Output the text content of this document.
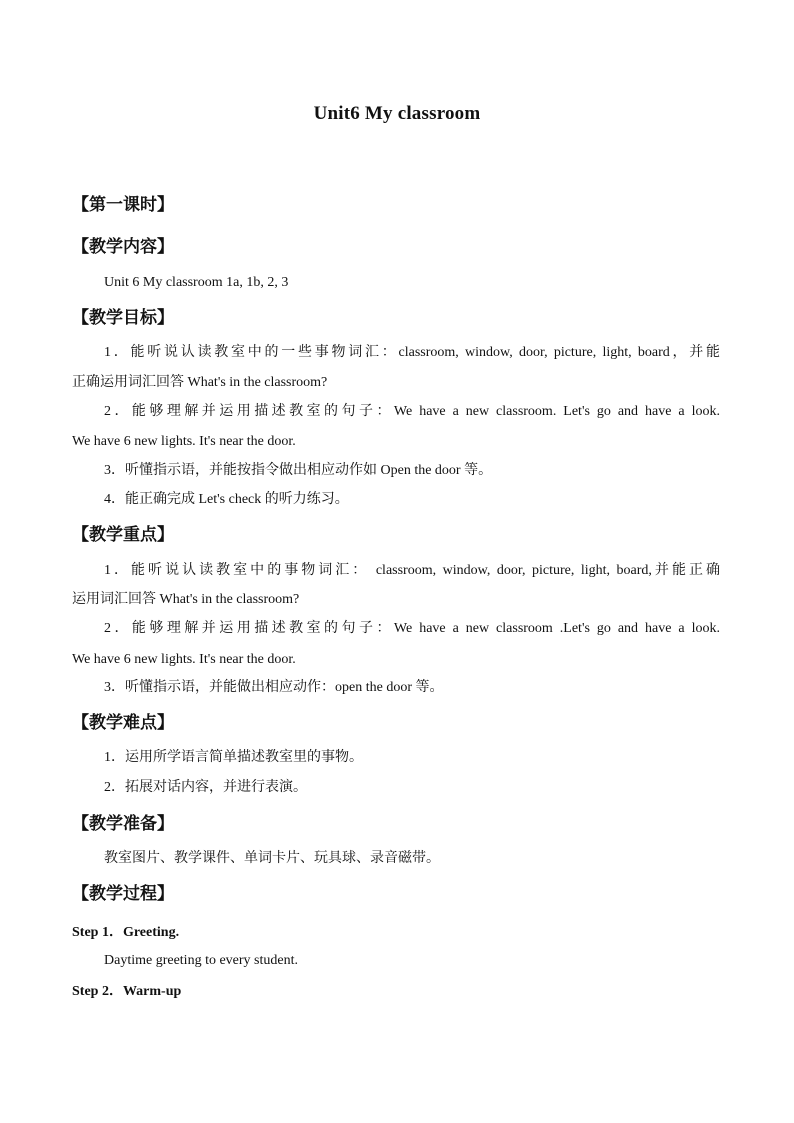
Unit6 My classroom
【第一课时】
【教学内容】
Unit 6 My classroom 1a, 1b, 2, 3
【教学目标】
1．能听说认读教室中的一些事物词汇：classroom, window, door, picture, light, board，并能
正确运用词汇回答 What's in the classroom?
2．能够理解并运用描述教室的句子：We have a new classroom. Let's go and have a look.
We have 6 new lights. It's near the door.
3．听懂指示语，并能按指令做出相应动作如 Open the door 等。
4．能正确完成 Let's check 的听力练习。
【教学重点】
1．能听说认读教室中的事物词汇： classroom, window, door, picture, light, board,并能正确
运用词汇回答 What's in the classroom?
2．能够理解并运用描述教室的句子：We have a new classroom .Let's go and have a look.
We have 6 new lights. It's near the door.
3．听懂指示语，并能做出相应动作：open the door 等。
【教学难点】
1．运用所学语言简单描述教室里的事物。
2．拓展对话内容，并进行表演。
【教学准备】
教室图片、教学课件、单词卡片、玩具球、录音磁带。
【教学过程】
Step 1．Greeting.
Daytime greeting to every student.
Step 2．Warm-up
